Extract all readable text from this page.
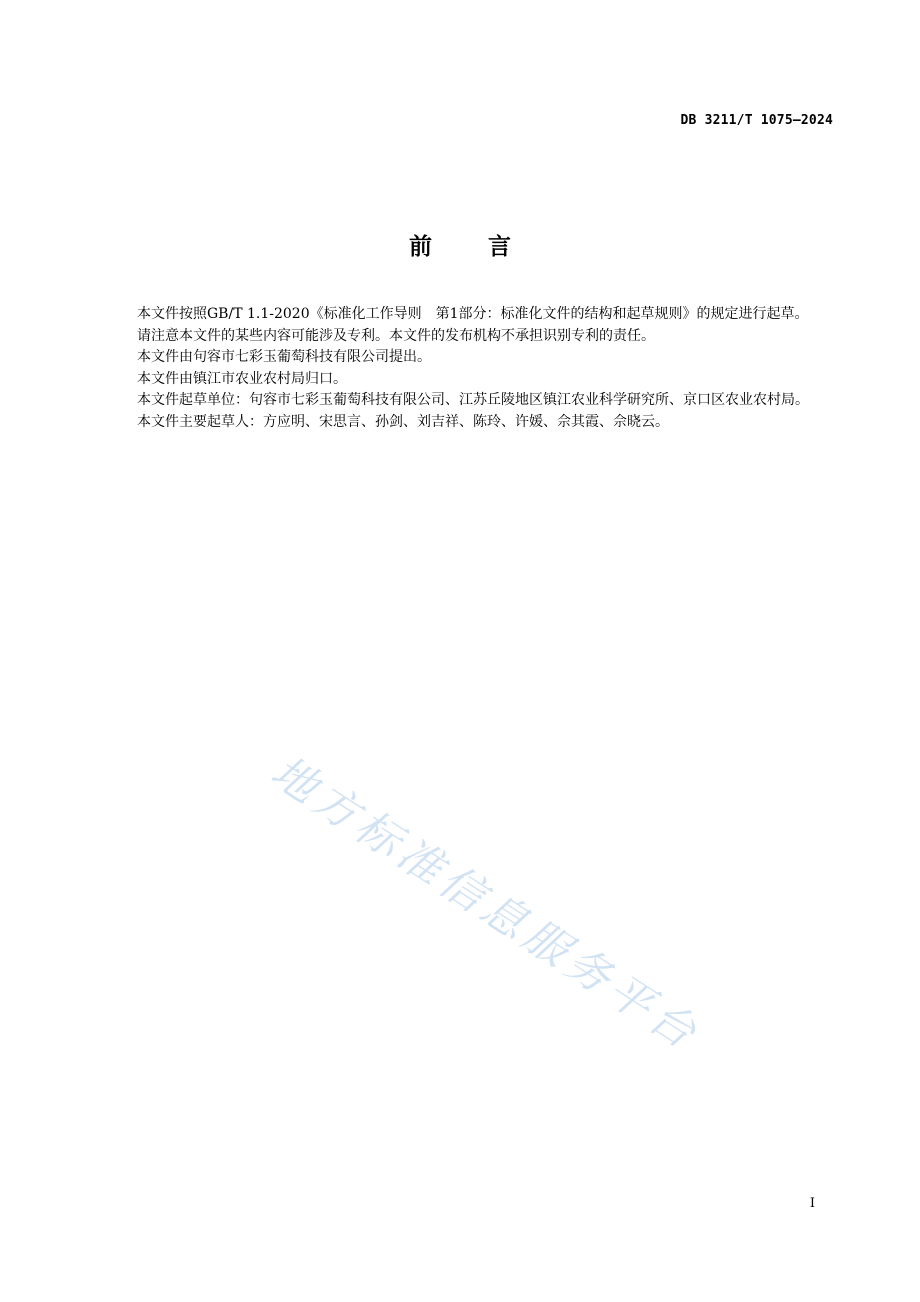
DB 3211/T 1075—2024
前言

本文件按照GB/T 1.1-2020《标准化工作导则　第1部分：标准化文件的结构和起草规则》的规定进行起草。

请注意本文件的某些内容可能涉及专利。本文件的发布机构不承担识别专利的责任。

本文件由句容市七彩玉葡萄科技有限公司提出。

本文件由镇江市农业农村局归口。

本文件起草单位：句容市七彩玉葡萄科技有限公司、江苏丘陵地区镇江农业科学研究所、京口区农业农村局。

本文件主要起草人：方应明、宋思言、孙剑、刘吉祥、陈玲、许媛、佘其霞、佘晓云。

地方标准信息服务平台
I
